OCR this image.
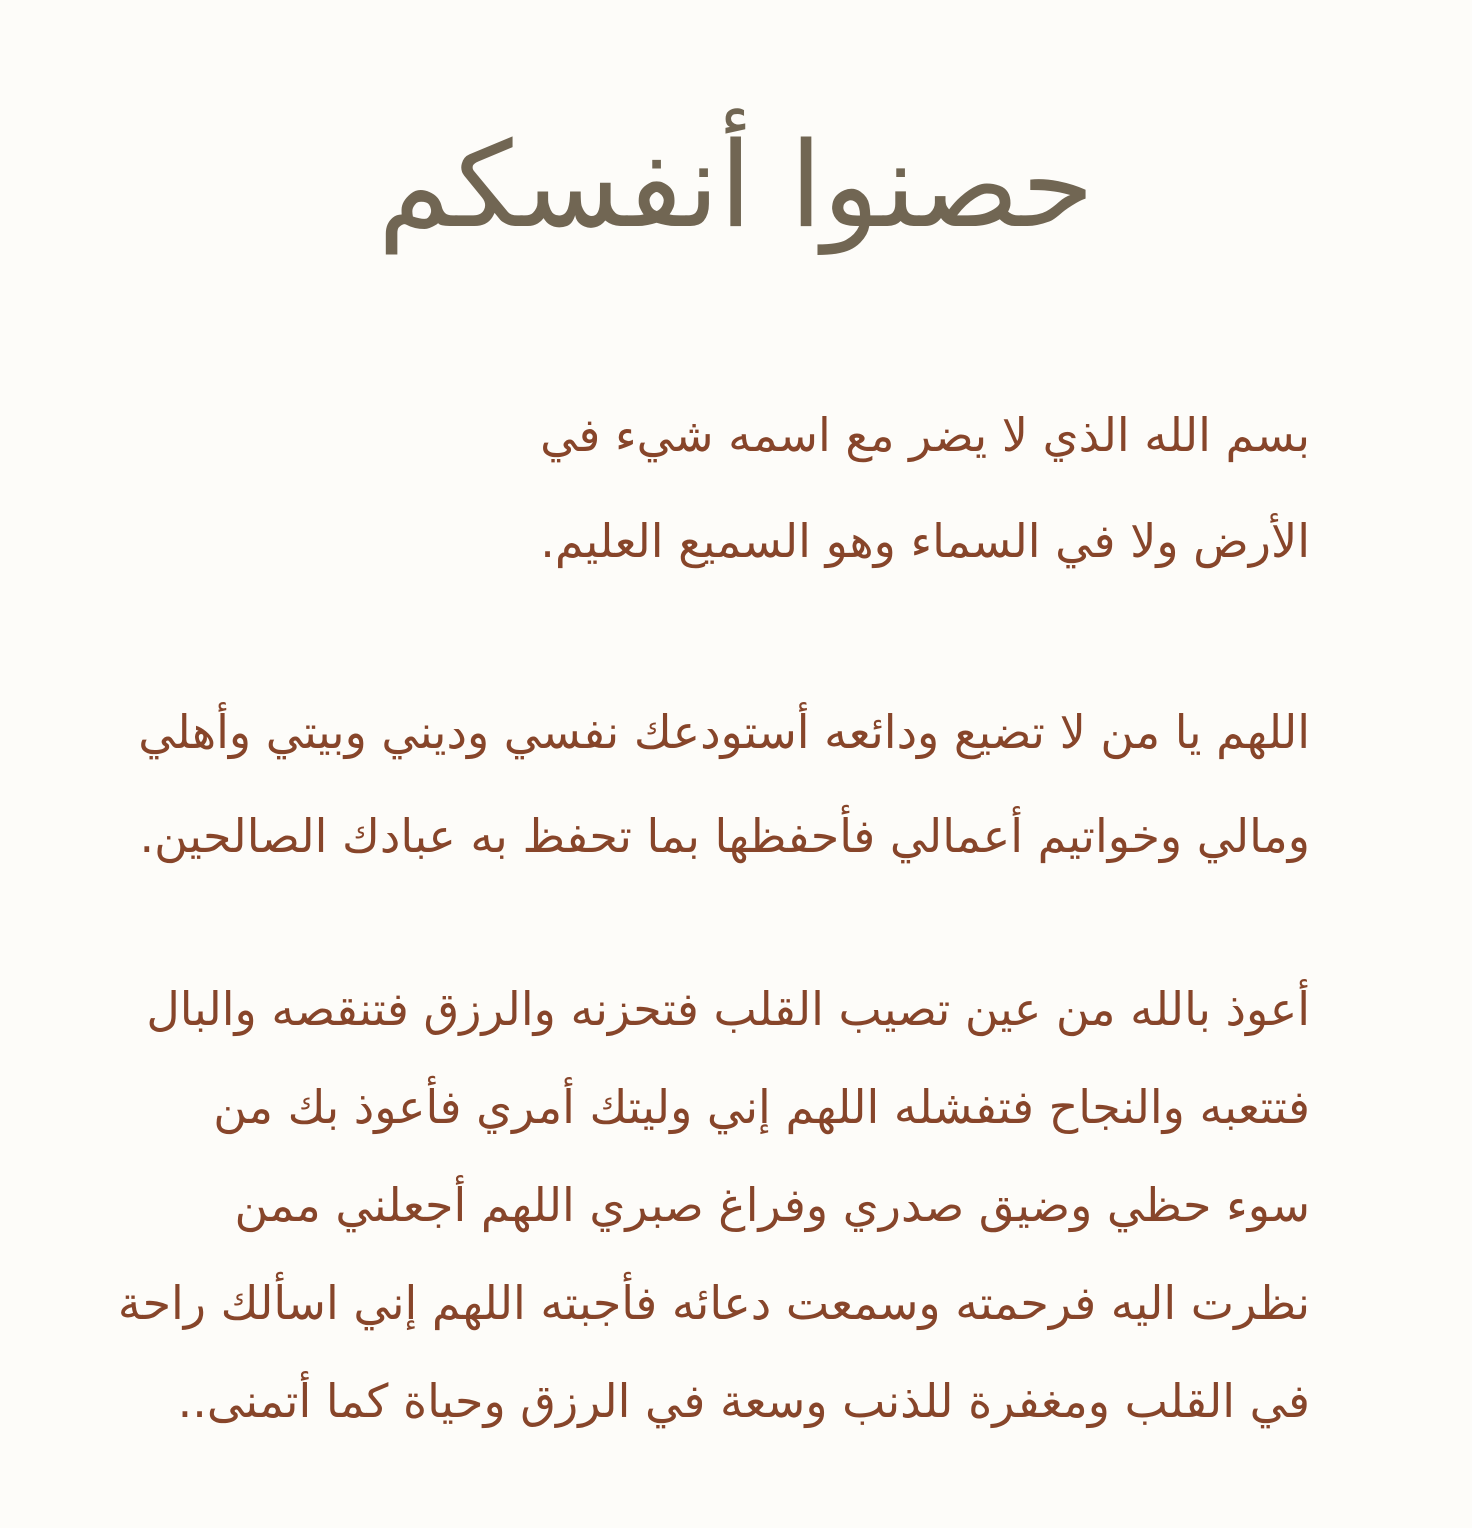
حصنوا أنفسكم
بسم الله الذي لا يضر مع اسمه شيء في
الأرض ولا في السماء وهو السميع العليم.
اللهم يا من لا تضيع ودائعه أستودعك نفسي وديني وبيتي وأهلي
ومالي وخواتيم أعمالي فأحفظها بما تحفظ به عبادك الصالحين.
أعوذ بالله من عين تصيب القلب فتحزنه والرزق فتنقصه والبال
فتتعبه والنجاح فتفشله اللهم إني وليتك أمري فأعوذ بك من
سوء حظي وضيق صدري وفراغ صبري اللهم أجعلني ممن
نظرت اليه فرحمته وسمعت دعائه فأجبته اللهم إني اسألك راحة
في القلب ومغفرة للذنب وسعة في الرزق وحياة كما أتمنى..
